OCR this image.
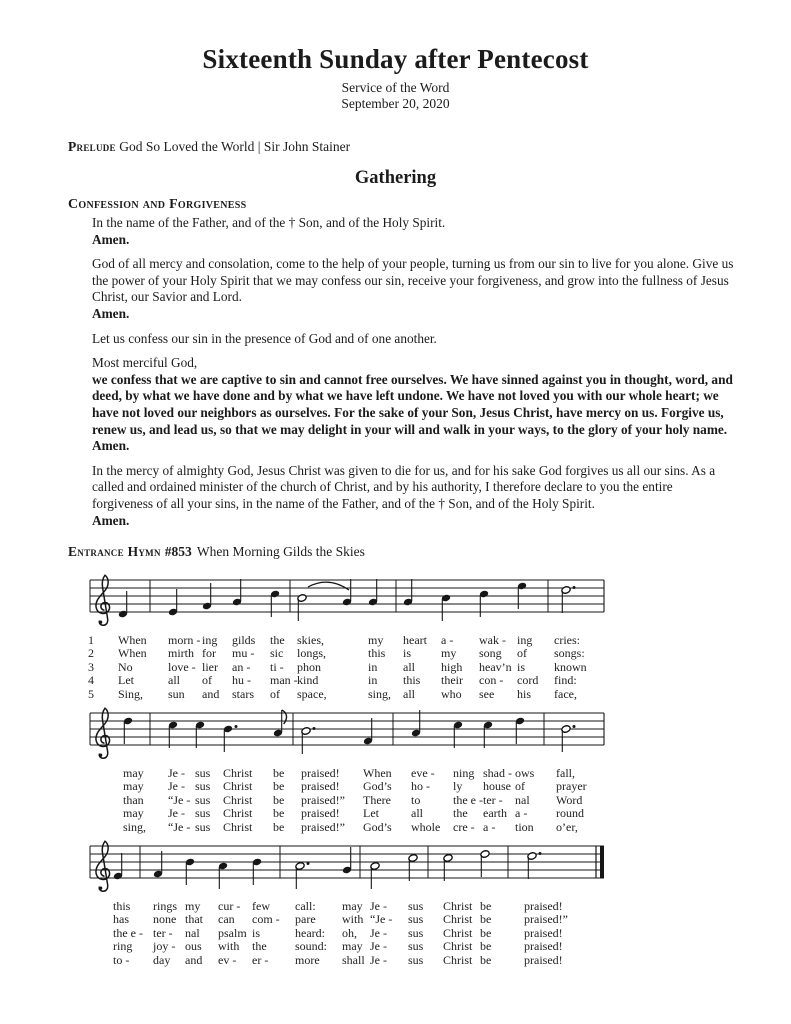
Sixteenth Sunday after Pentecost
Service of the Word
September 20, 2020
Prelude God So Loved the World | Sir John Stainer
Gathering
Confession and Forgiveness
In the name of the Father, and of the † Son, and of the Holy Spirit.
Amen.
God of all mercy and consolation, come to the help of your people, turning us from our sin to live for you alone. Give us the power of your Holy Spirit that we may confess our sin, receive your forgiveness, and grow into the fullness of Jesus Christ, our Savior and Lord.
Amen.
Let us confess our sin in the presence of God and of one another.
Most merciful God,
we confess that we are captive to sin and cannot free ourselves. We have sinned against you in thought, word, and deed, by what we have done and by what we have left undone. We have not loved you with our whole heart; we have not loved our neighbors as ourselves. For the sake of your Son, Jesus Christ, have mercy on us. Forgive us, renew us, and lead us, so that we may delight in your will and walk in your ways, to the glory of your holy name.
Amen.
In the mercy of almighty God, Jesus Christ was given to die for us, and for his sake God forgives us all our sins. As a called and ordained minister of the church of Christ, and by his authority, I therefore declare to you the entire forgiveness of all your sins, in the name of the Father, and of the † Son, and of the Holy Spirit.
Amen.
Entrance Hymn #853 When Morning Gilds the Skies
1 When morn - ing gilds the skies,	my heart a - wak - ing cries:
2 When mirth for mu - sic longs,	this is my song of songs:
3 No	love - lier an - ti - phon	in all high heav’n is known
4 Let	all of hu - man - kind	in this their con - cord find:
5 Sing, sun and stars of space,	sing, all who see his face,
may Je - sus Christ be praised! When eve - ning shad - ows fall,
may Je - sus Christ be praised! God’s ho - ly house of	prayer
than “Je - sus Christ be praised!” There to	the e - ter - nal Word
may Je - sus Christ be praised! Let	all	the earth a - round
sing, “Je - sus Christ be praised!” God’s whole cre - a - tion o’er,
this rings my cur - few call: may Je - sus Christ be	praised!
has none that can com - pare with “Je - sus Christ be	praised!”
the e - ter - nal psalm is	heard: oh, Je - sus Christ be	praised!
ring joy - ous with the sound: may Je - sus Christ be	praised!
to - day and ev - er - more shall Je - sus Christ be	praised!
